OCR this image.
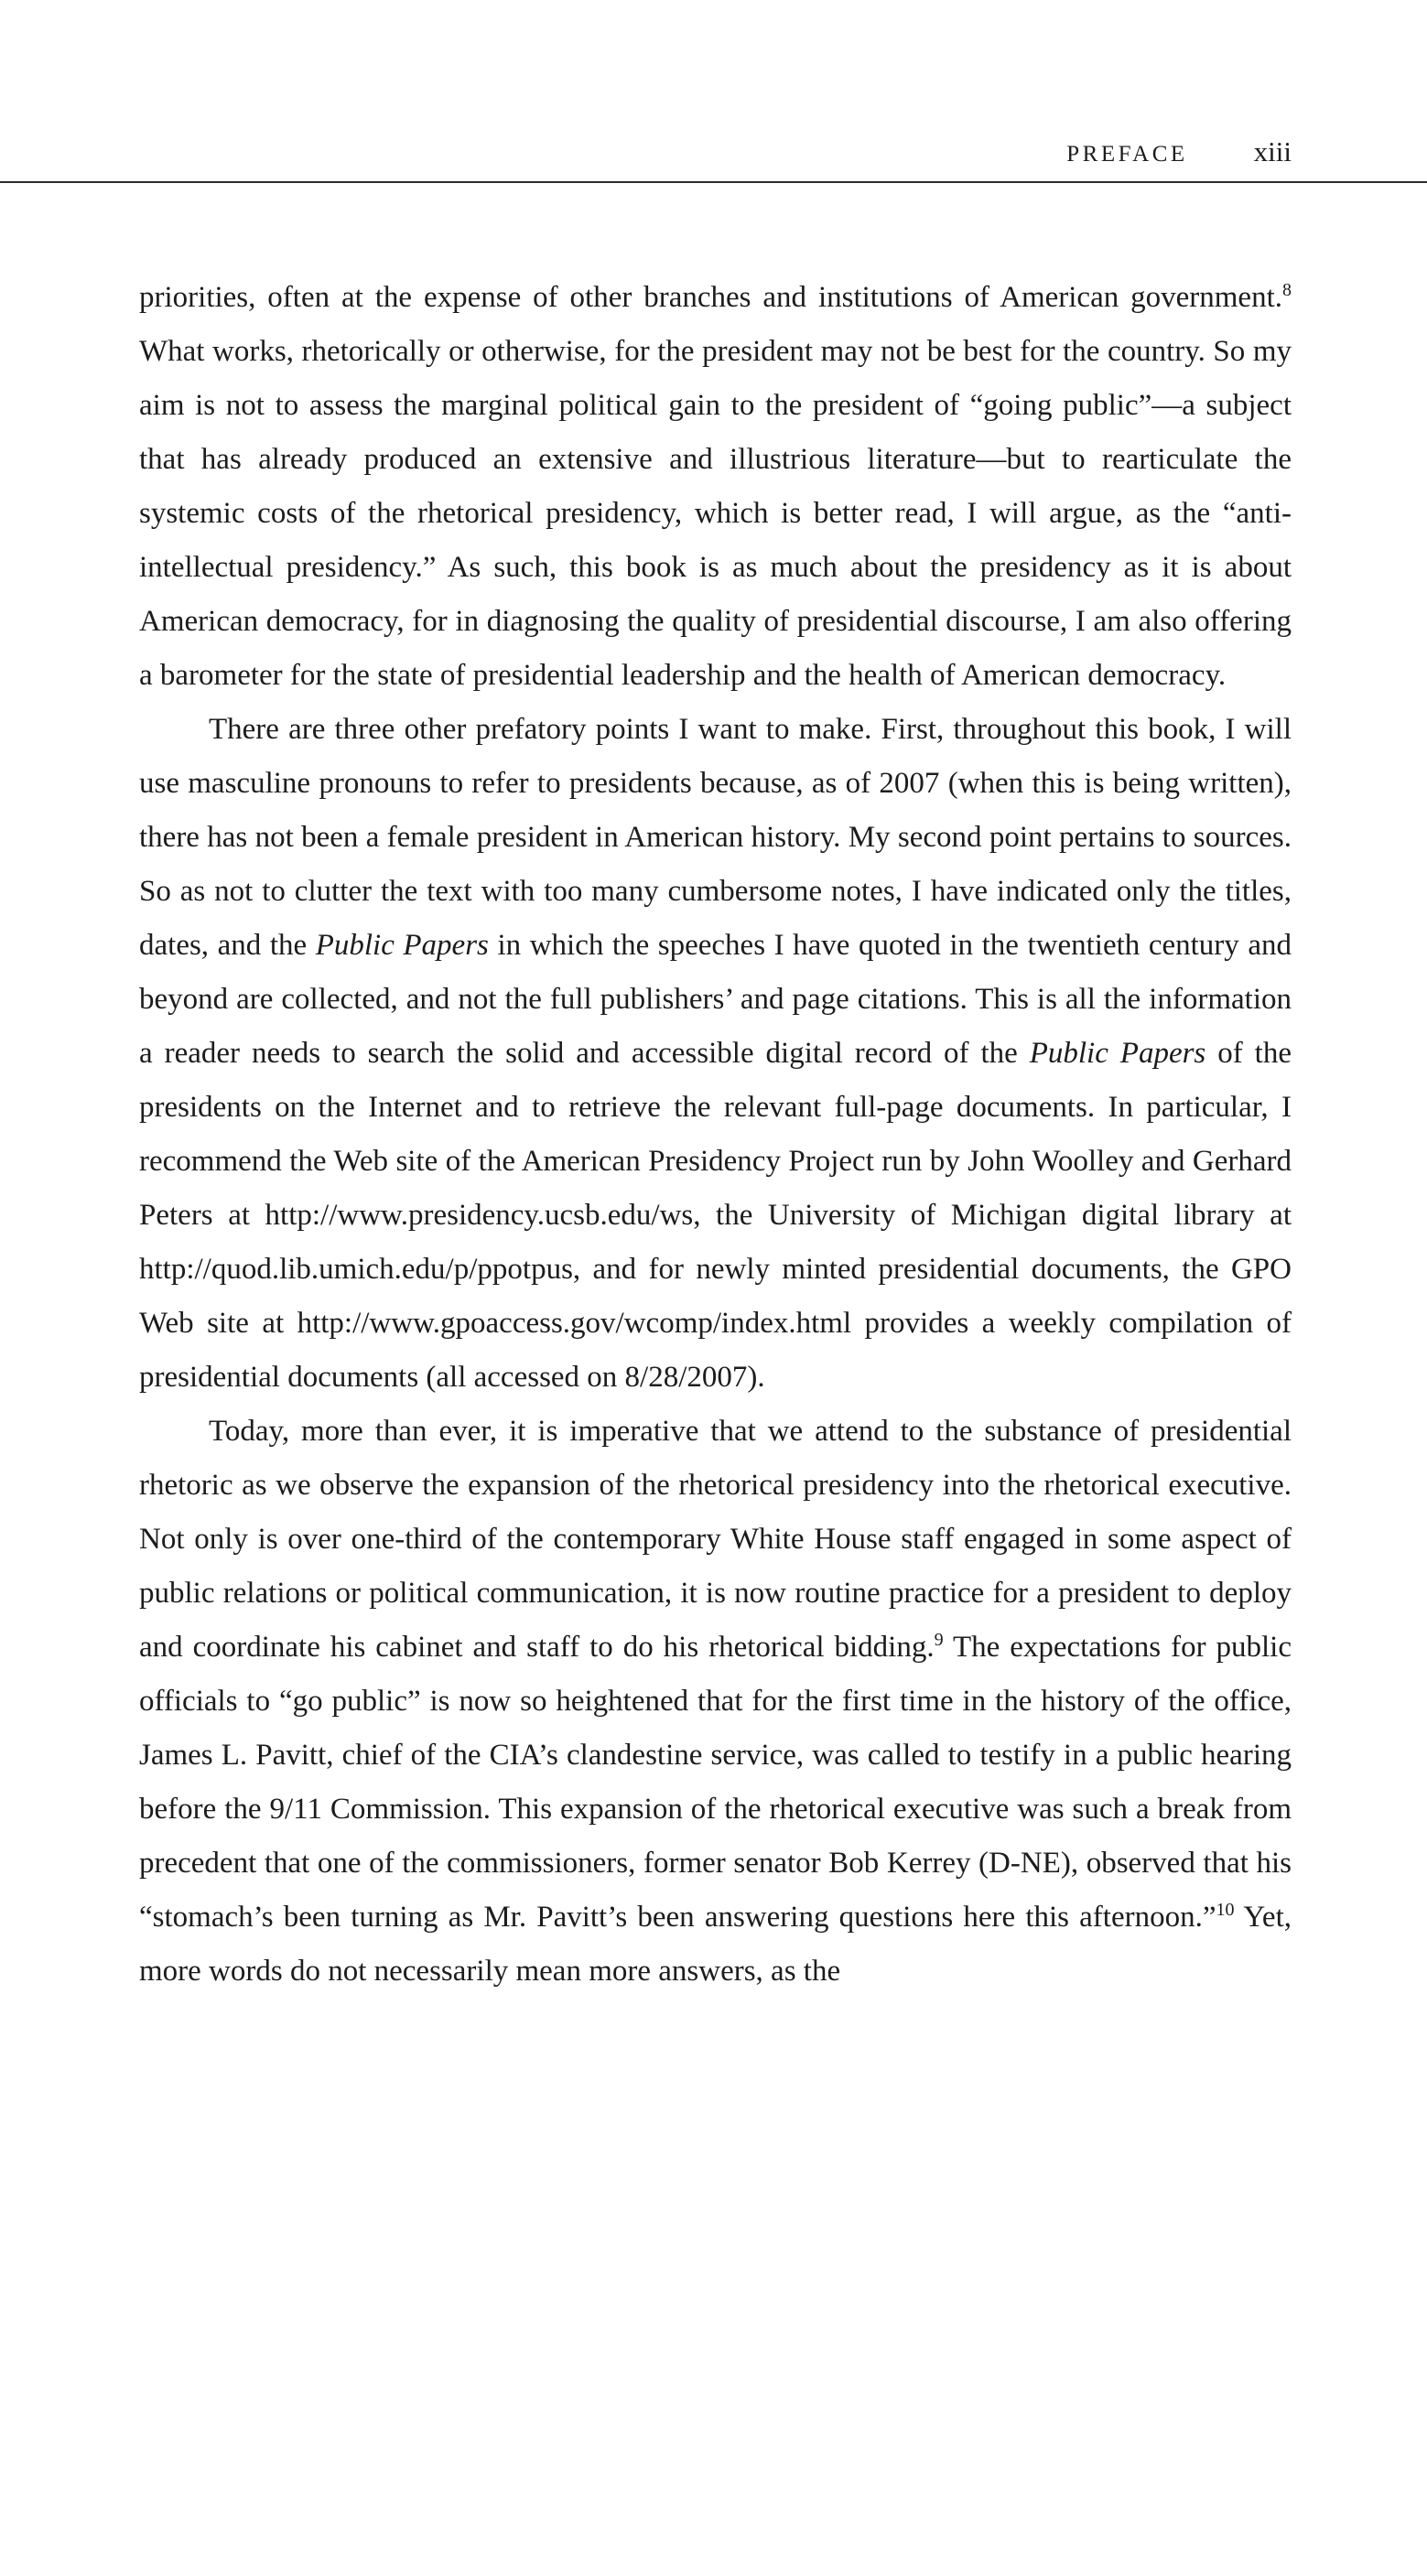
PREFACE xiii

priorities, often at the expense of other branches and institutions of American government.$^8$ What works, rhetorically or otherwise, for the president may not be best for the country. So my aim is not to assess the marginal political gain to the president of “going public”—a subject that has already produced an extensive and illustrious literature—but to rearticulate the systemic costs of the rhetorical presidency, which is better read, I will argue, as the “anti-intellectual presidency.” As such, this book is as much about the presidency as it is about American democracy, for in diagnosing the quality of presidential discourse, I am also offering a barometer for the state of presidential leadership and the health of American democracy.

There are three other prefatory points I want to make. First, throughout this book, I will use masculine pronouns to refer to presidents because, as of 2007 (when this is being written), there has not been a female president in American history. My second point pertains to sources. So as not to clutter the text with too many cumbersome notes, I have indicated only the titles, dates, and the Public Papers in which the speeches I have quoted in the twentieth century and beyond are collected, and not the full publishers’ and page citations. This is all the information a reader needs to search the solid and accessible digital record of the Public Papers of the presidents on the Internet and to retrieve the relevant full-page documents. In particular, I recommend the Web site of the American Presidency Project run by John Woolley and Gerhard Peters at http://www.presidency.ucsb.edu/ws, the University of Michigan digital library at http://quod.lib.umich.edu/p/ppotpus, and for newly minted presidential documents, the GPO Web site at http://www.gpoaccess.gov/wcomp/index.html provides a weekly compilation of presidential documents (all accessed on 8/28/2007).

Today, more than ever, it is imperative that we attend to the substance of presidential rhetoric as we observe the expansion of the rhetorical presidency into the rhetorical executive. Not only is over one-third of the contemporary White House staff engaged in some aspect of public relations or political communication, it is now routine practice for a president to deploy and coordinate his cabinet and staff to do his rhetorical bidding.$^9$ The expectations for public officials to “go public” is now so heightened that for the first time in the history of the office, James L. Pavitt, chief of the CIA’s clandestine service, was called to testify in a public hearing before the 9/11 Commission. This expansion of the rhetorical executive was such a break from precedent that one of the commissioners, former senator Bob Kerrey (D-NE), observed that his “stomach’s been turning as Mr. Pavitt’s been answering questions here this afternoon.”$^{10}$ Yet, more words do not necessarily mean more answers, as the
